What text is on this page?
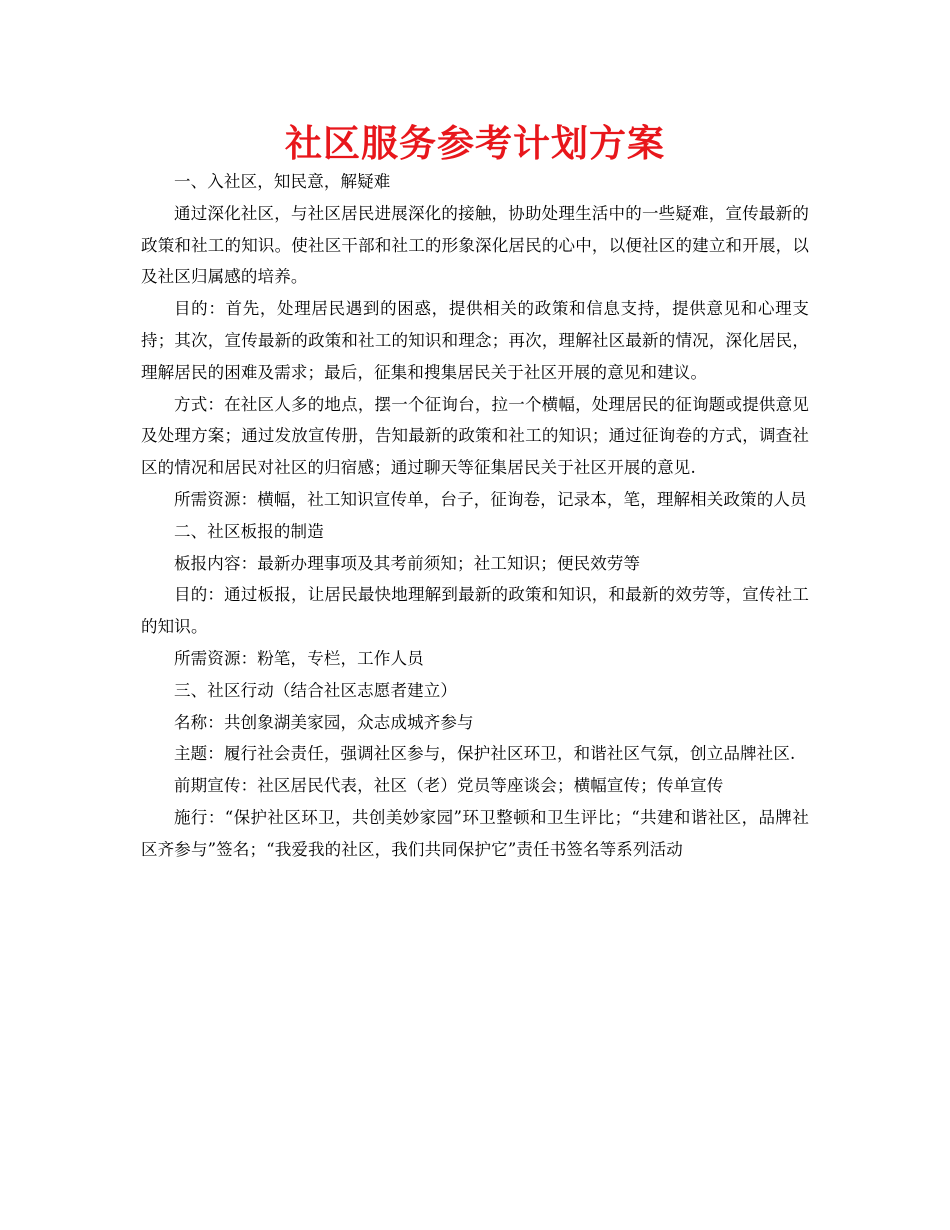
社区服务参考计划方案

一、入社区，知民意，解疑难

通过深化社区，与社区居民进展深化的接触，协助处理生活中的一些疑难，宣传最新的政策和社工的知识。使社区干部和社工的形象深化居民的心中，以便社区的建立和开展，以及社区归属感的培养。

目的：首先，处理居民遇到的困惑，提供相关的政策和信息支持，提供意见和心理支持；其次，宣传最新的政策和社工的知识和理念；再次，理解社区最新的情况，深化居民，理解居民的困难及需求；最后，征集和搜集居民关于社区开展的意见和建议。

方式：在社区人多的地点，摆一个征询台，拉一个横幅，处理居民的征询题或提供意见及处理方案；通过发放宣传册，告知最新的政策和社工的知识；通过征询卷的方式，调查社区的情况和居民对社区的归宿感；通过聊天等征集居民关于社区开展的意见.

所需资源：横幅，社工知识宣传单，台子，征询卷，记录本，笔，理解相关政策的人员

二、社区板报的制造

板报内容：最新办理事项及其考前须知；社工知识；便民效劳等

目的：通过板报，让居民最快地理解到最新的政策和知识，和最新的效劳等，宣传社工的知识。

所需资源：粉笔，专栏，工作人员

三、社区行动（结合社区志愿者建立）

名称：共创象湖美家园，众志成城齐参与

主题：履行社会责任，强调社区参与，保护社区环卫，和谐社区气氛，创立品牌社区.

前期宣传：社区居民代表，社区（老）党员等座谈会；横幅宣传；传单宣传

施行：“保护社区环卫，共创美妙家园”环卫整顿和卫生评比；“共建和谐社区，品牌社区齐参与”签名；“我爱我的社区，我们共同保护它”责任书签名等系列活动
